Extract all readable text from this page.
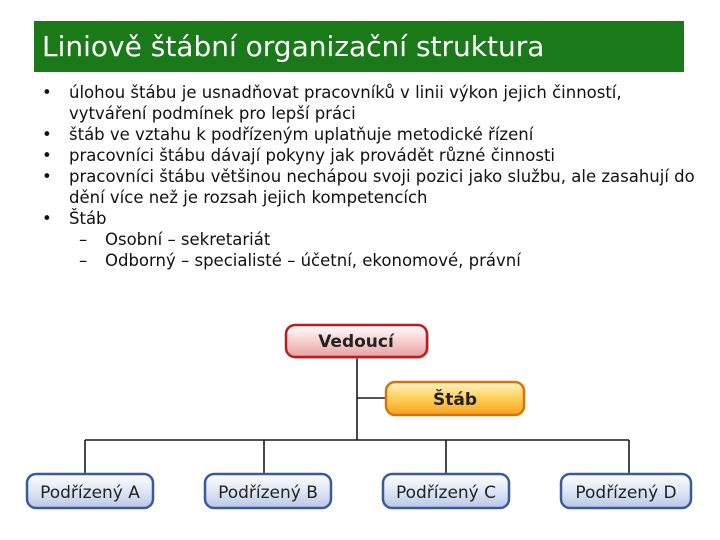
Liniově štábní organizační struktura
• úlohou štábu je usnadňovat pracovníků v linii výkon jejich činností, vytváření podmínek pro lepší práci
• štáb ve vztahu k podřízeným uplatňuje metodické řízení
• pracovníci štábu dávají pokyny jak provádět různé činnosti
• pracovníci štábu většinou nechápou svoji pozici jako službu, ale zasahují do dění více než je rozsah jejich kompetencích
• Štáb
– Osobní – sekretariát
– Odborný – specialisté – účetní, ekonomové, právní
Vedoucí
Štáb
Podřízený A	Podřízený B	Podřízený C	Podřízený D
